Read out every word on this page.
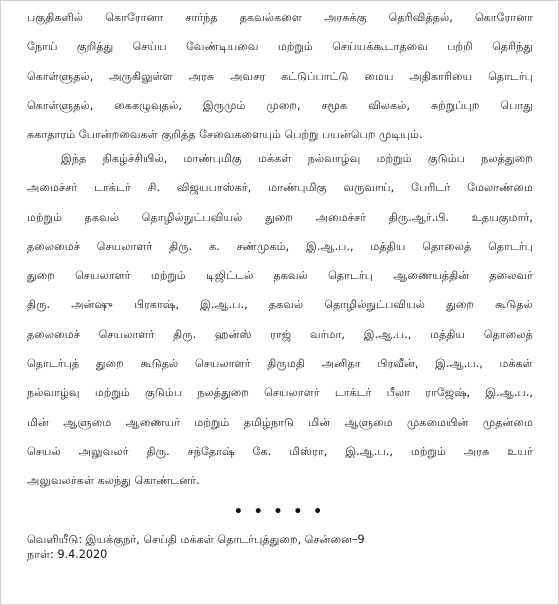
பகுதிகளில் கொரோனா சார்ந்த தகவல்களை அரசுக்கு தெரிவித்தல், கொரோனா
நோய் குறித்து செய்ய வேண்டியவை மற்றும் செய்யக்கூடாதவை பற்றி தெரிந்து
கொள்ளுதல், அருகிலுள்ள அரசு அவசர கட்டுப்பாட்டு மைய அதிகாரியை தொடர்பு
கொள்ளுதல், கைகழுவுதல், இருமும் முறை, சமூக விலகல், சுற்றுப்புற பொது
சுகாதாரம் போன்றவைகள் குறித்த சேவைகளையும் பெற்று பயன்பெற முடியும்.
இந்த நிகழ்ச்சியில், மாண்புமிகு மக்கள் நல்வாழ்வு மற்றும் குடும்ப நலத்துறை
அமைச்சர் டாக்டர் சி. விஜயபாஸ்கர், மாண்புமிகு வருவாய், பேரிடர் மேலாண்மை
மற்றும் தகவல் தொழில்நுட்பவியல் துறை அமைச்சர் திரு.ஆர்.பி. உதயகுமார்,
தலைமைச் செயலாளர் திரு. க. சண்முகம், இ.ஆ.ப., மத்திய தொலைத் தொடர்பு
துறை செயலாளர் மற்றும் டிஜிட்டல் தகவல் தொடர்பு ஆணையத்தின் தலைவர்
திரு. அன்ஷு பிரகாஷ், இ.ஆ.ப., தகவல் தொழில்நுட்பவியல் துறை கூடுதல்
தலைமைச் செயலாளர் திரு. ஹன்ஸ் ராஜ் வர்மா, இ.ஆ.ப., மத்திய தொலைத்
தொடர்புத் துறை கூடுதல் செயலாளர் திருமதி அனிதா பிரவீன், இ.ஆ.ப., மக்கள்
நல்வாழ்வு மற்றும் குடும்ப நலத்துறை செயலாளர் டாக்டர் பீலா ராஜேஷ், இ.ஆ.ப.,
மின் ஆளுமை ஆணையர் மற்றும் தமிழ்நாடு மின் ஆளுமை முகமையின் முதன்மை
செயல் அலுவலர் திரு. சந்தோஷ் கே. மிஸ்ரா, இ.ஆ.ப., மற்றும் அரசு உயர்
அலுவலர்கள் கலந்து கொண்டனர்.
• • • • •
வெளியீடு: இயக்குநர், செய்தி மக்கள் தொடர்புத்துறை, சென்னை–9
நாள்: 9.4.2020
